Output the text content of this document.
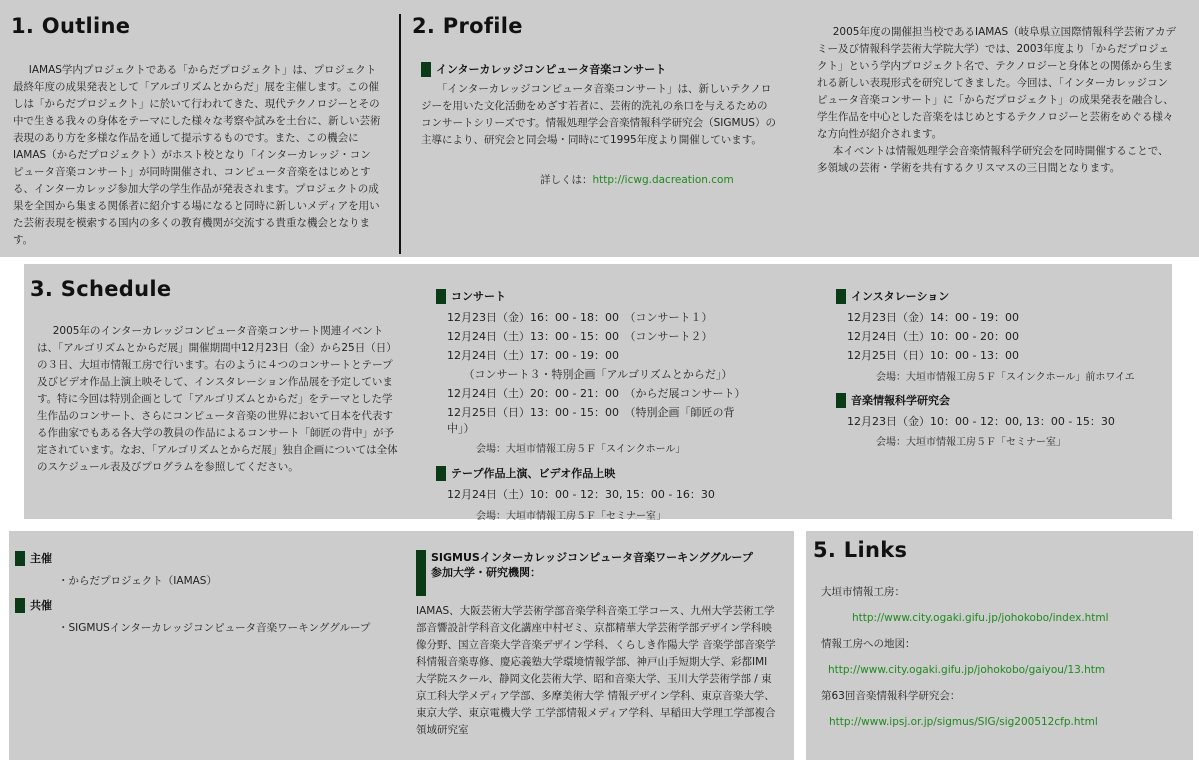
1. Outline

IAMAS学内プロジェクトである「からだプロジェクト」は、プロジェクト最終年度の成果発表として「アルゴリズムとからだ」展を主催します。この催しは「からだプロジェクト」に於いて行われてきた、現代テクノロジーとその中で生きる我々の身体をテーマにした様々な考察や試みを土台に、新しい芸術表現のあり方を多様な作品を通して提示するものです。また、この機会にIAMAS（からだプロジェクト）がホスト校となり「インターカレッジ・コンピュータ音楽コンサート」が同時開催され、コンピュータ音楽をはじめとする、インターカレッジ参加大学の学生作品が発表されます。プロジェクトの成果を全国から集まる関係者に紹介する場になると同時に新しいメディアを用いた芸術表現を模索する国内の多くの教育機関が交流する貴重な機会となります。

2. Profile
インターカレッジコンピュータ音楽コンサート

「インターカレッジコンピュータ音楽コンサート」は、新しいテクノロジーを用いた文化活動をめざす若者に、芸術的洗礼の糸口を与えるためのコンサートシリーズです。情報処理学会音楽情報科学研究会（SIGMUS）の主導により、研究会と同会場・同時にて1995年度より開催しています。

詳しくは：http://icwg.dacreation.com

2005年度の開催担当校であるIAMAS（岐阜県立国際情報科学芸術アカデミー及び情報科学芸術大学院大学）では、2003年度より「からだプロジェクト」という学内プロジェクト名で、テクノロジーと身体との関係から生まれる新しい表現形式を研究してきました。今回は、「インターカレッジコンピュータ音楽コンサート」に「からだプロジェクト」の成果発表を融合し、学生作品を中心とした音楽をはじめとするテクノロジーと芸術をめぐる様々な方向性が紹介されます。

本イベントは情報処理学会音楽情報科学研究会を同時開催することで、多領域の芸術・学術を共有するクリスマスの三日間となります。

3. Schedule

2005年のインターカレッジコンピュータ音楽コンサート関連イベントは、「アルゴリズムとからだ展」開催期間中12月23日（金）から25日（日）の３日、大垣市情報工房で行います。右のように４つのコンサートとテープ及びビデオ作品上演上映そして、インスタレーション作品展を予定しています。特に今回は特別企画として「アルゴリズムとからだ」をテーマとした学生作品のコンサート、さらにコンピュータ音楽の世界において日本を代表する作曲家でもある各大学の教員の作品によるコンサート「師匠の背中」が予定されています。なお、「アルゴリズムとからだ展」独自企画については全体のスケジュール表及びプログラムを参照してください。

コンサート
12月23日（金）16：00 - 18：00　（コンサート１）
12月24日（土）13：00 - 15：00　（コンサート２）
12月24日（土）17：00 - 19：00
　　（コンサート３・特別企画「アルゴリズムとからだ」）
12月24日（土）20：00 - 21：00　（からだ展コンサート）
12月25日（日）13：00 - 15：00　（特別企画「師匠の背
中」）
会場：大垣市情報工房５Ｆ「スインクホール」
テープ作品上演、ビデオ作品上映
12月24日（土）10：00 - 12：30, 15：00 - 16：30
会場：大垣市情報工房５Ｆ「セミナー室」
インスタレーション
12月23日（金）14：00 - 19：00
12月24日（土）10：00 - 20：00
12月25日（日）10：00 - 13：00
会場：大垣市情報工房５Ｆ「スインクホール」前ホワイエ
音楽情報科学研究会
12月23日（金）10：00 - 12：00, 13：00 - 15：30
会場：大垣市情報工房５Ｆ「セミナー室」
主催
・からだプロジェクト（IAMAS）
共催
・SIGMUSインターカレッジコンピュータ音楽ワーキンググループ
SIGMUSインターカレッジコンピュータ音楽ワーキンググループ
参加大学・研究機関：
IAMAS、大阪芸術大学芸術学部音楽学科音楽工学コース、九州大学芸術工学部音響設計学科音文化講座中村ゼミ、京都精華大学芸術学部デザイン学科映像分野、国立音楽大学音楽デザイン学科、くらしき作陽大学 音楽学部音楽学科情報音楽専修、慶応義塾大学環境情報学部、神戸山手短期大学、彩都IMI大学院スクール、静岡文化芸術大学、昭和音楽大学、玉川大学芸術学部 / 東京工科大学メディア学部、多摩美術大学 情報デザイン学科、東京音楽大学、東京大学、東京電機大学 工学部情報メディア学科、早稲田大学理工学部複合領域研究室
5. Links
大垣市情報工房：
http://www.city.ogaki.gifu.jp/johokobo/index.html
情報工房への地図：
http://www.city.ogaki.gifu.jp/johokobo/gaiyou/13.htm
第63回音楽情報科学研究会：
http://www.ipsj.or.jp/sigmus/SIG/sig200512cfp.html
